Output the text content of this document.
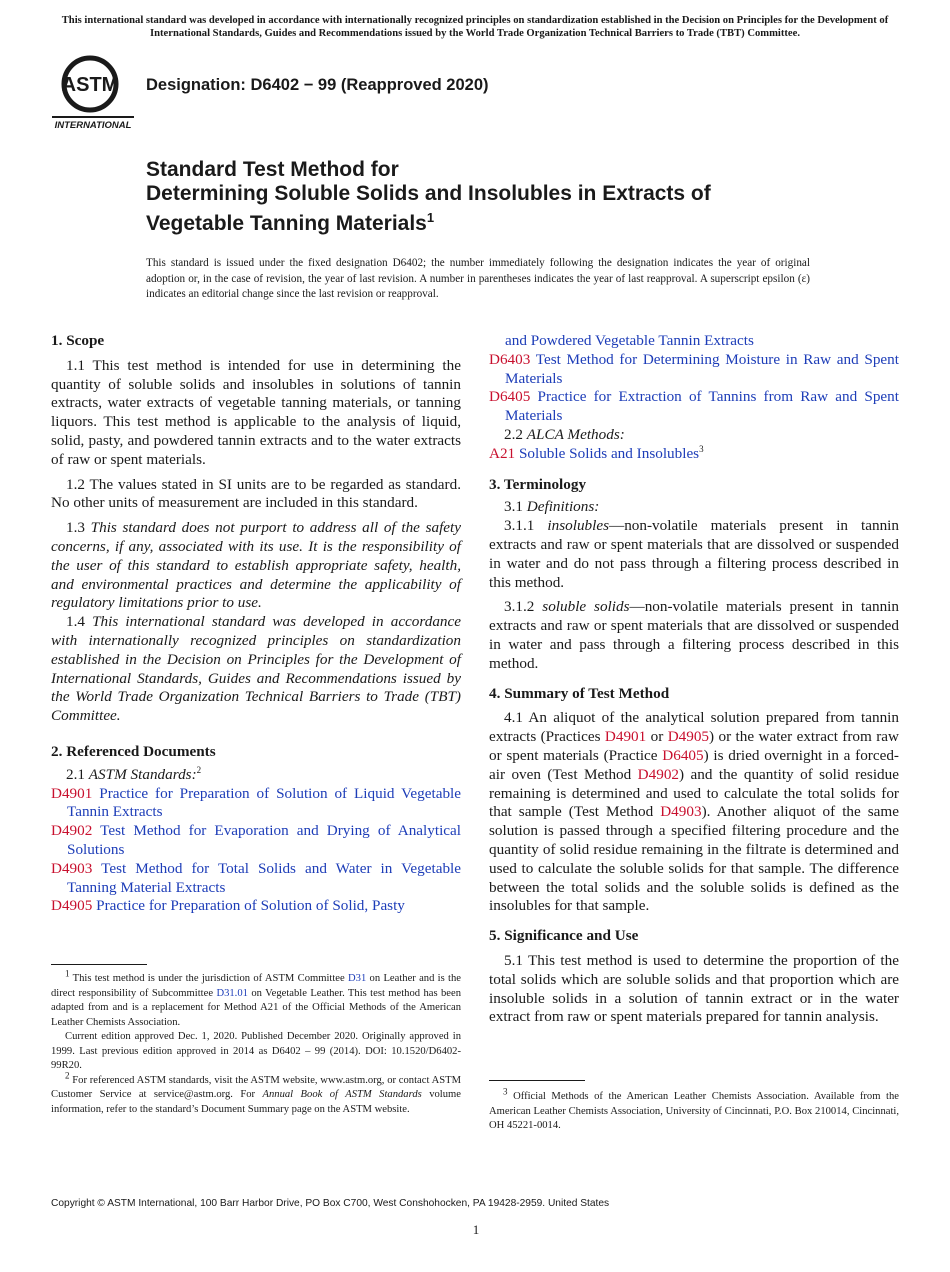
This international standard was developed in accordance with internationally recognized principles on standardization established in the Decision on Principles for the Development of International Standards, Guides and Recommendations issued by the World Trade Organization Technical Barriers to Trade (TBT) Committee.
ASTM
INTERNATIONAL
Designation: D6402 − 99 (Reapproved 2020)
Standard Test Method for
Determining Soluble Solids and Insolubles in Extracts of
Vegetable Tanning Materials$^1$
This standard is issued under the fixed designation D6402; the number immediately following the designation indicates the year of original adoption or, in the case of revision, the year of last revision. A number in parentheses indicates the year of last reapproval. A superscript epsilon (ε) indicates an editorial change since the last revision or reapproval.

1. Scope

1.1 This test method is intended for use in determining the quantity of soluble solids and insolubles in solutions of tannin extracts, water extracts of vegetable tanning materials, or tanning liquors. This test method is applicable to the analysis of liquid, solid, pasty, and powdered tannin extracts and to the water extracts of raw or spent materials.

1.2 The values stated in SI units are to be regarded as standard. No other units of measurement are included in this standard.

1.3 This standard does not purport to address all of the safety concerns, if any, associated with its use. It is the responsibility of the user of this standard to establish appropriate safety, health, and environmental practices and determine the applicability of regulatory limitations prior to use.

1.4 This international standard was developed in accordance with internationally recognized principles on standardization established in the Decision on Principles for the Development of International Standards, Guides and Recommendations issued by the World Trade Organization Technical Barriers to Trade (TBT) Committee.

2. Referenced Documents

2.1 ASTM Standards:$^2$

D4901 Practice for Preparation of Solution of Liquid Vegetable Tannin Extracts

D4902 Test Method for Evaporation and Drying of Analytical Solutions

D4903 Test Method for Total Solids and Water in Vegetable Tanning Material Extracts

D4905 Practice for Preparation of Solution of Solid, Pasty

$^1$ This test method is under the jurisdiction of ASTM Committee D31 on Leather and is the direct responsibility of Subcommittee D31.01 on Vegetable Leather. This test method has been adapted from and is a replacement for Method A21 of the Official Methods of the American Leather Chemists Association.

Current edition approved Dec. 1, 2020. Published December 2020. Originally approved in 1999. Last previous edition approved in 2014 as D6402 – 99 (2014). DOI: 10.1520/D6402-99R20.

$^2$ For referenced ASTM standards, visit the ASTM website, www.astm.org, or contact ASTM Customer Service at service@astm.org. For Annual Book of ASTM Standards volume information, refer to the standard’s Document Summary page on the ASTM website.

and Powdered Vegetable Tannin Extracts

D6403 Test Method for Determining Moisture in Raw and Spent Materials

D6405 Practice for Extraction of Tannins from Raw and Spent Materials

2.2 ALCA Methods:

A21 Soluble Solids and Insolubles$^3$

3. Terminology

3.1 Definitions:

3.1.1 insolubles—non-volatile materials present in tannin extracts and raw or spent materials that are dissolved or suspended in water and do not pass through a filtering process described in this method.

3.1.2 soluble solids—non-volatile materials present in tannin extracts and raw or spent materials that are dissolved or suspended in water and pass through a filtering process described in this method.

4. Summary of Test Method

4.1 An aliquot of the analytical solution prepared from tannin extracts (Practices D4901 or D4905) or the water extract from raw or spent materials (Practice D6405) is dried overnight in a forced-air oven (Test Method D4902) and the quantity of solid residue remaining is determined and used to calculate the total solids for that sample (Test Method D4903). Another aliquot of the same solution is passed through a specified filtering procedure and the quantity of solid residue remaining in the filtrate is determined and used to calculate the soluble solids for that sample. The difference between the total solids and the soluble solids is defined as the insolubles for that sample.

5. Significance and Use

5.1 This test method is used to determine the proportion of the total solids which are soluble solids and that proportion which are insoluble solids in a solution of tannin extract or in the water extract from raw or spent materials prepared for tannin analysis.

$^3$ Official Methods of the American Leather Chemists Association. Available from the American Leather Chemists Association, University of Cincinnati, P.O. Box 210014, Cincinnati, OH 45221-0014.

Copyright © ASTM International, 100 Barr Harbor Drive, PO Box C700, West Conshohocken, PA 19428-2959. United States
1
